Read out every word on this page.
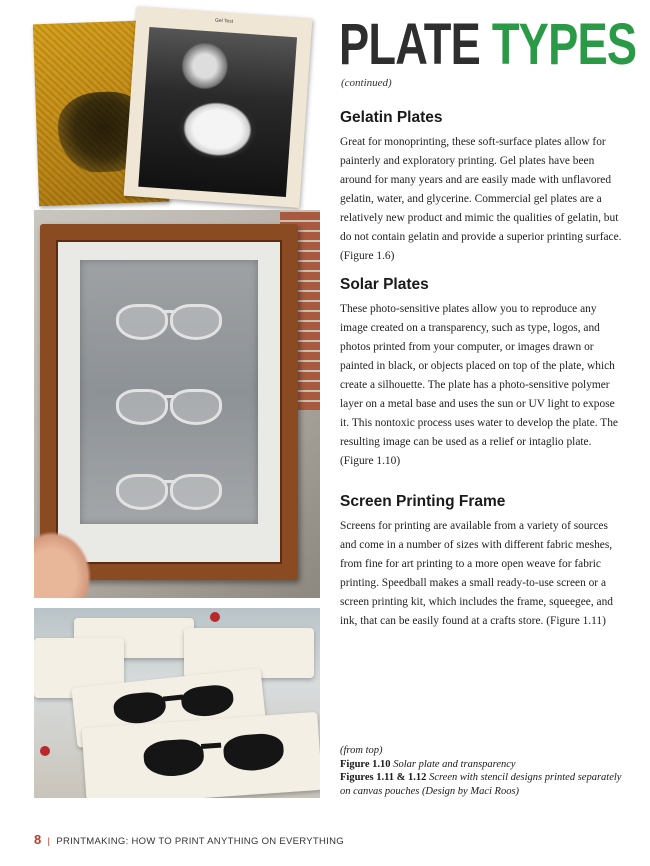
Gel Test	PLATE TYPES
(continued)
Gelatin Plates

Great for monoprinting, these soft-surface plates allow for painterly and exploratory printing. Gel plates have been around for many years and are easily made with unflavored gelatin, water, and glycerine. Commercial gel plates are a relatively new product and mimic the qualities of gelatin, but do not contain gelatin and provide a superior printing surface. (Figure 1.6)

Solar Plates

These photo-sensitive plates allow you to reproduce any image created on a transparency, such as type, logos, and photos printed from your computer, or images drawn or painted in black, or objects placed on top of the plate, which create a silhouette. The plate has a photo-sensitive polymer layer on a metal base and uses the sun or UV light to expose it. This nontoxic process uses water to develop the plate. The resulting image can be used as a relief or intaglio plate. (Figure 1.10)

Screen Printing Frame

Screens for printing are available from a variety of sources and come in a number of sizes with different fabric meshes, from fine for art printing to a more open weave for fabric printing. Speedball makes a small ready-to-use screen or a screen printing kit, which includes the frame, squeegee, and ink, that can be easily found at a crafts store. (Figure 1.11)

(from top)
Figure 1.10 Solar plate and transparency
Figures 1.11 & 1.12 Screen with stencil designs printed separately on canvas pouches (Design by Maci Roos)
8 | PRINTMAKING: HOW TO PRINT ANYTHING ON EVERYTHING
